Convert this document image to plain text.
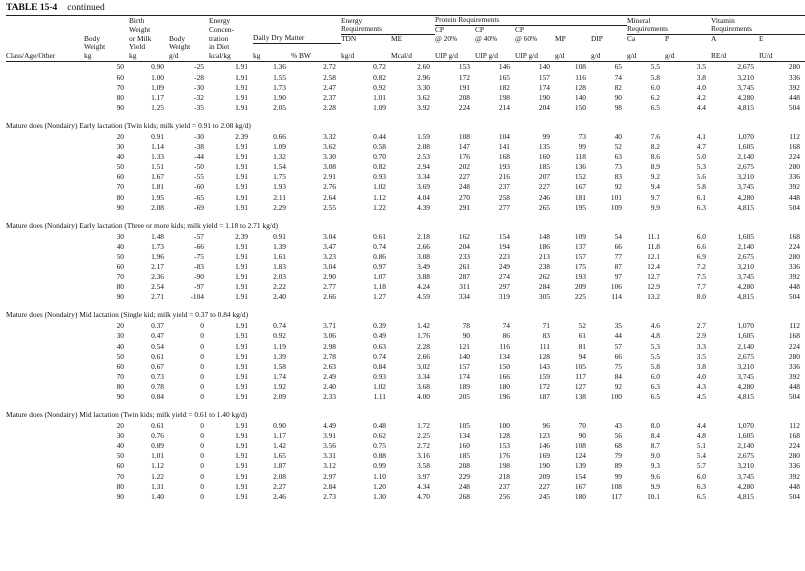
TABLE 15-4 continued

		Birth		Energy			Energy		Protein Requirements					Mineral		Vitamin	
		Weight		Concen-			Requirements		CP	CP	CP			Requirements		Requirements	
	Body	or Milk	Body	tration	Daily Dry Matter		TDN	ME	@ 20%	@ 40%	@ 60%	MP	DIP	Ca	P	A	E
	Weight	Yield	Weight	in Diet													
Class/Age/Other	kg	kg	g/d	kcal/kg	kg	% BW	kg/d	Mcal/d	UIP g/d	UIP g/d	UIP g/d	g/d	g/d	g/d	g/d	RE/d	IU/d
	50	0.90	-25	1.91	1.36	2.72	0.72	2.60	153	146	140	108	65	5.5	3.5	2,675	280
	60	1.00	-28	1.91	1.55	2.58	0.82	2.96	172	165	157	116	74	5.8	3.8	3,210	336
	70	1.09	-30	1.91	1.73	2.47	0.92	3.30	191	182	174	128	82	6.0	4.0	3,745	392
	80	1.17	-32	1.91	1.90	2.37	1.01	3.62	208	198	190	140	90	6.2	4.2	4,280	448
	90	1.25	-35	1.91	2.05	2.28	1.09	3.92	224	214	204	150	98	6.5	4.4	4,815	504
Mature does (Nondairy) Early lactation (Twin kids; milk yield = 0.91 to 2.08 kg/d)																	
	20	0.91	-30	2.39	0.66	3.32	0.44	1.59	108	104	99	73	40	7.6	4.1	1,070	112
	30	1.14	-38	1.91	1.09	3.62	0.58	2.08	147	141	135	99	52	8.2	4.7	1,605	168
	40	1.33	-44	1.91	1.32	3.30	0.70	2.53	176	168	160	118	63	8.6	5.0	2,140	224
	50	1.51	-50	1.91	1.54	3.08	0.82	2.94	202	193	185	136	73	8.9	5.3	2,675	280
	60	1.67	-55	1.91	1.75	2.91	0.93	3.34	227	216	207	152	83	9.2	5.6	3,210	336
	70	1.81	-60	1.91	1.93	2.76	1.02	3.69	248	237	227	167	92	9.4	5.8	3,745	392
	80	1.95	-65	1.91	2.11	2.64	1.12	4.04	270	258	246	181	101	9.7	6.1	4,280	448
	90	2.08	-69	1.91	2.29	2.55	1.22	4.39	291	277	265	195	109	9.9	6.3	4,815	504
Mature does (Nondairy) Early lactation (Three or more kids; milk yield = 1.18 to 2.71 kg/d)																	
	30	1.48	-57	2.39	0.91	3.04	0.61	2.18	162	154	148	109	54	11.1	6.0	1,605	168
	40	1.73	-66	1.91	1.39	3.47	0.74	2.66	204	194	186	137	66	11.8	6.6	2,140	224
	50	1.96	-75	1.91	1.61	3.23	0.86	3.08	233	223	213	157	77	12.1	6.9	2,675	280
	60	2.17	-83	1.91	1.83	3.04	0.97	3.49	261	249	238	175	87	12.4	7.2	3,210	336
	70	2.36	-90	1.91	2.03	2.90	1.07	3.88	287	274	262	193	97	12.7	7.5	3,745	392
	80	2.54	-97	1.91	2.22	2.77	1.18	4.24	311	297	284	209	106	12.9	7.7	4,280	448
	90	2.71	-104	1.91	2.40	2.66	1.27	4.59	334	319	305	225	114	13.2	8.0	4,815	504
Mature does (Nondairy) Mid lactation (Single kid; milk yield = 0.37 to 0.84 kg/d)																	
	20	0.37	0	1.91	0.74	3.71	0.39	1.42	78	74	71	52	35	4.6	2.7	1,070	112
	30	0.47	0	1.91	0.92	3.06	0.49	1.76	90	86	83	61	44	4.8	2.9	1,605	168
	40	0.54	0	1.91	1.19	2.98	0.63	2.28	121	116	111	81	57	5.3	3.3	2,140	224
	50	0.61	0	1.91	1.39	2.78	0.74	2.66	140	134	128	94	66	5.5	3.5	2,675	280
	60	0.67	0	1.91	1.58	2.63	0.84	3.02	157	150	143	105	75	5.8	3.8	3,210	336
	70	0.73	0	1.91	1.74	2.49	0.93	3.34	174	166	159	117	84	6.0	4.0	3,745	392
	80	0.78	0	1.91	1.92	2.40	1.02	3.68	189	180	172	127	92	6.3	4.3	4,280	448
	90	0.84	0	1.91	2.09	2.33	1.11	4.00	205	196	187	138	100	6.5	4.5	4,815	504
Mature does (Nondairy) Mid lactation (Twin kids; milk yield = 0.61 to 1.40 kg/d)																	
	20	0.61	0	1.91	0.90	4.49	0.48	1.72	105	100	96	70	43	8.0	4.4	1,070	112
	30	0.76	0	1.91	1.17	3.91	0.62	2.25	134	128	123	90	56	8.4	4.8	1,605	168
	40	0.89	0	1.91	1.42	3.56	0.75	2.72	160	153	146	108	68	8.7	5.1	2,140	224
	50	1.01	0	1.91	1.65	3.31	0.88	3.16	185	176	169	124	79	9.0	5.4	2,675	280
	60	1.12	0	1.91	1.87	3.12	0.99	3.58	208	198	190	139	89	9.3	5.7	3,210	336
	70	1.22	0	1.91	2.08	2.97	1.10	3.97	229	218	209	154	99	9.6	6.0	3,745	392
	80	1.31	0	1.91	2.27	2.84	1.20	4.34	248	237	227	167	108	9.9	6.3	4,280	448
	90	1.40	0	1.91	2.46	2.73	1.30	4.70	268	256	245	180	117	10.1	6.5	4,815	504
